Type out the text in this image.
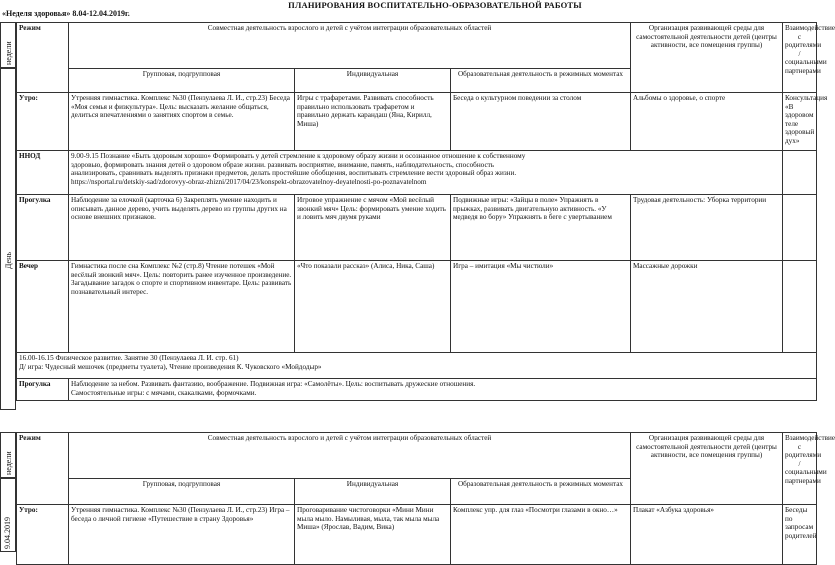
ПЛАНИРОВАНИЯ ВОСПИТАТЕЛЬНО-ОБРАЗОВАТЕЛЬНОЙ РАБОТЫ
«Неделя здоровья» 8.04-12.04.2019г.
недели
День
Режим	Совместная деятельность взрослого и детей с учётом интеграции образовательных областей			Организация развивающей среды для самостоятельной деятельности детей (центры активности, все помещения группы)	Взаимодействие с родителями /социальными партнерами
	Групповая, подгрупповая	Индивидуальная	Образовательная деятельность в режимных моментах		
Утро:	Утренняя гимнастика. Комплекс №30 (Пензулаева Л. И., стр.23) Беседа «Моя семья и физкультура». Цель: высказать желание общаться, делиться впечатлениями о занятиях спортом в семье.	Игры с трафаретами. Развивать способность правильно использовать трафаретом и правильно держать карандаш (Яна, Кирилл, Миша)	Беседа о культурном поведении за столом	Альбомы о здоровье, о спорте	Консультация «В здоровом теле здоровый дух»
ННОД	9.00-9.15 Познание «Быть здоровым хорошо» Формировать у детей стремление к здоровому образу жизни и осознанное отношение к собственному
здоровью, формировать знания детей о здоровом образе жизни. развивать восприятие, внимание, память, наблюдательность, способность
анализировать, сравнивать выделять признаки предметов, делать простейшие обобщения, воспитывать стремление вести здоровый образ жизни.
https://nsportal.ru/detskiy-sad/zdorovyy-obraz-zhizni/2017/04/23/konspekt-obrazovatelnoy-deyatelnosti-po-poznavatelnom				

Прогулка	Наблюдение за елочкой (карточка 6) Закреплять умение находить и описывать данное дерево, учить выделять дерево из группы других на основе внешних признаков.	Игровое упражнение с мячом «Мой весёлый звонкий мяч» Цель: формировать умение ходить и ловить мяч двумя руками	Подвижные игры: «Зайцы в поле» Упражнять в прыжках, развивать двигательную активность. «У медведя во бору» Упражнять в беге с увертыванием	Трудовая деятельность: Уборка территории	
Вечер	Гимнастика после сна Комплекс №2 (стр.8) Чтение потешек «Мой весёлый звонкий мяч». Цель: повторить ранее изученное произведение. Загадывание загадок о спорте и спортивном инвентаре. Цель: развивать познавательный интерес.	«Что показали рассказ» (Алиса, Ника, Саша)	Игра – имитация «Мы чистюли»	Массажные дорожки	

16.00-16.15 Физическое развитие. Занятие 30 (Пензулаева Л. И. стр. 61)
Д/ игра: Чудесный мешочек (предметы туалета), Чтение произведения К. Чуковского «Мойдодыр»					

Прогулка	Наблюдение за небом. Развивать фантазию, воображение. Подвижная игра: «Самолёты». Цель: воспитывать дружеские отношения.
Самостоятельные игры: с мячами, скакалками, формочками.				
недели
9.04.2019
Режим	Совместная деятельность взрослого и детей с учётом интеграции образовательных областей			Организация развивающей среды для самостоятельной деятельности детей (центры активности, все помещения группы)	Взаимодействие с родителями /социальными партнерами
	Групповая, подгрупповая	Индивидуальная	Образовательная деятельность в режимных моментах		
Утро:	Утренняя гимнастика. Комплекс №30 (Пензулаева Л. И., стр.23) Игра – беседа о личной гигиене «Путешествие в страну Здоровья»	Проговаривание чистоговорки «Мини Мини мыла мыло. Намыливая, мыла, так мыла мыла Миша» (Ярослав, Вадим, Вика)	Комплекс упр. для глаз «Посмотри глазами в окно…»	Плакат «Азбука здоровья»	Беседы по запросам родителей
